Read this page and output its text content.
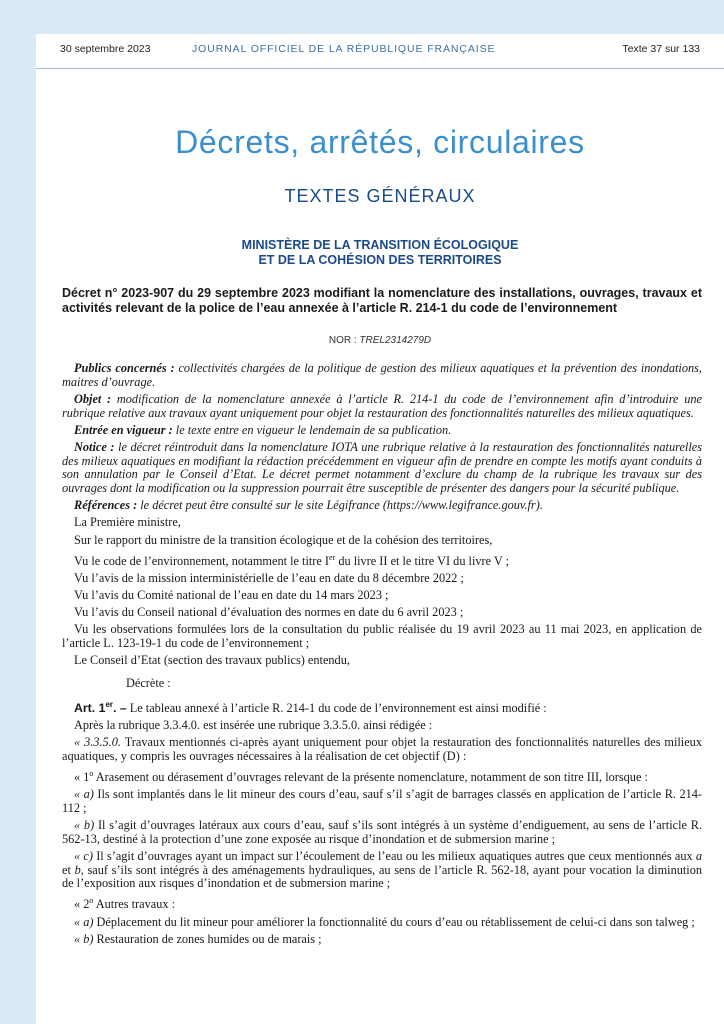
30 septembre 2023	JOURNAL OFFICIEL DE LA RÉPUBLIQUE FRANÇAISE	Texte 37 sur 133
Décrets, arrêtés, circulaires
TEXTES GÉNÉRAUX
MINISTÈRE DE LA TRANSITION ÉCOLOGIQUE
ET DE LA COHÉSION DES TERRITOIRES
Décret n° 2023-907 du 29 septembre 2023 modifiant la nomenclature des installations, ouvrages, travaux et activités relevant de la police de l’eau annexée à l’article R. 214-1 du code de l’environnement
NOR : TREL2314279D

Publics concernés : collectivités chargées de la politique de gestion des milieux aquatiques et la prévention des inondations, maitres d’ouvrage.

Objet : modification de la nomenclature annexée à l’article R. 214-1 du code de l’environnement afin d’introduire une rubrique relative aux travaux ayant uniquement pour objet la restauration des fonctionnalités naturelles des milieux aquatiques.

Entrée en vigueur : le texte entre en vigueur le lendemain de sa publication.

Notice : le décret réintroduit dans la nomenclature IOTA une rubrique relative à la restauration des fonctionnalités naturelles des milieux aquatiques en modifiant la rédaction précédemment en vigueur afin de prendre en compte les motifs ayant conduits à son annulation par le Conseil d’Etat. Le décret permet notamment d’exclure du champ de la rubrique les travaux sur des ouvrages dont la modification ou la suppression pourrait être susceptible de présenter des dangers pour la sécurité publique.

Références : le décret peut être consulté sur le site Légifrance (https://www.legifrance.gouv.fr).

La Première ministre,

Sur le rapport du ministre de la transition écologique et de la cohésion des territoires,

Vu le code de l’environnement, notamment le titre Ier du livre II et le titre VI du livre V ;

Vu l’avis de la mission interministérielle de l’eau en date du 8 décembre 2022 ;

Vu l’avis du Comité national de l’eau en date du 14 mars 2023 ;

Vu l’avis du Conseil national d’évaluation des normes en date du 6 avril 2023 ;

Vu les observations formulées lors de la consultation du public réalisée du 19 avril 2023 au 11 mai 2023, en application de l’article L. 123-19-1 du code de l’environnement ;

Le Conseil d’Etat (section des travaux publics) entendu,

Décrète :

Art. 1er. – Le tableau annexé à l’article R. 214-1 du code de l’environnement est ainsi modifié :

Après la rubrique 3.3.4.0. est insérée une rubrique 3.3.5.0. ainsi rédigée :

« 3.3.5.0. Travaux mentionnés ci-après ayant uniquement pour objet la restauration des fonctionnalités naturelles des milieux aquatiques, y compris les ouvrages nécessaires à la réalisation de cet objectif (D) :

« 1$^o$ Arasement ou dérasement d’ouvrages relevant de la présente nomenclature, notamment de son titre III, lorsque :

« a) Ils sont implantés dans le lit mineur des cours d’eau, sauf s’il s’agit de barrages classés en application de l’article R. 214-112 ;

« b) Il s’agit d’ouvrages latéraux aux cours d’eau, sauf s’ils sont intégrés à un système d’endiguement, au sens de l’article R. 562-13, destiné à la protection d’une zone exposée au risque d’inondation et de submersion marine ;

« c) Il s’agit d’ouvrages ayant un impact sur l’écoulement de l’eau ou les milieux aquatiques autres que ceux mentionnés aux a et b, sauf s’ils sont intégrés à des aménagements hydrauliques, au sens de l’article R. 562-18, ayant pour vocation la diminution de l’exposition aux risques d’inondation et de submersion marine ;

« 2$^o$ Autres travaux :

« a) Déplacement du lit mineur pour améliorer la fonctionnalité du cours d’eau ou rétablissement de celui-ci dans son talweg ;

« b) Restauration de zones humides ou de marais ;
